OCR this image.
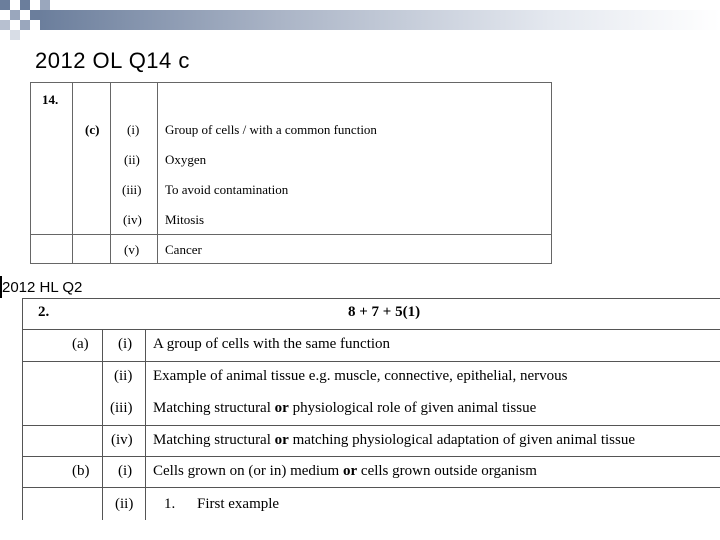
2012 OL Q14 c
14.
(c) (i) Group of cells / with a common function
(ii) Oxygen
(iii) To avoid contamination
(iv) Mitosis
(v) Cancer
2012 HL Q2
2.	8 + 7 + 5(1)
(a) (i) A group of cells with the same function
(ii) Example of animal tissue e.g. muscle, connective, epithelial, nervous
(iii) Matching structural or physiological role of given animal tissue
(iv) Matching structural or matching physiological adaptation of given animal tissue
(b) (i) Cells grown on (or in) medium or cells grown outside organism
(ii) 1. First example
